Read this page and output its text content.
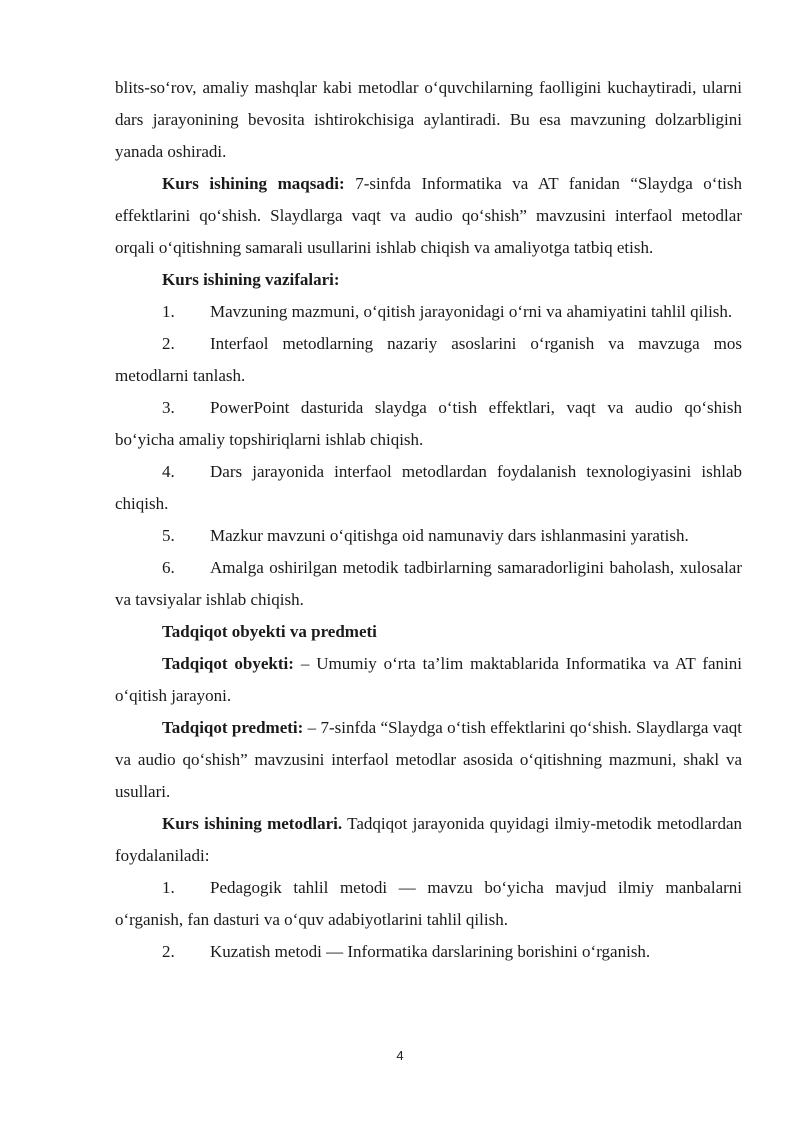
blits-so‘rov, amaliy mashqlar kabi metodlar o‘quvchilarning faolligini kuchaytiradi, ularni dars jarayonining bevosita ishtirokchisiga aylantiradi. Bu esa mavzuning dolzarbligini yanada oshiradi.

Kurs ishining maqsadi: 7-sinfda Informatika va AT fanidan “Slaydga o‘tish effektlarini qo‘shish. Slaydlarga vaqt va audio qo‘shish” mavzusini interfaol metodlar orqali o‘qitishning samarali usullarini ishlab chiqish va amaliyotga tatbiq etish.

Kurs ishining vazifalari:

1. Mavzuning mazmuni, o‘qitish jarayonidagi o‘rni va ahamiyatini tahlil qilish.

2. Interfaol metodlarning nazariy asoslarini o‘rganish va mavzuga mos metodlarni tanlash.

3. PowerPoint dasturida slaydga o‘tish effektlari, vaqt va audio qo‘shish bo‘yicha amaliy topshiriqlarni ishlab chiqish.

4. Dars jarayonida interfaol metodlardan foydalanish texnologiyasini ishlab chiqish.

5. Mazkur mavzuni o‘qitishga oid namunaviy dars ishlanmasini yaratish.

6. Amalga oshirilgan metodik tadbirlarning samaradorligini baholash, xulosalar va tavsiyalar ishlab chiqish.

Tadqiqot obyekti va predmeti

Tadqiqot obyekti: – Umumiy o‘rta ta’lim maktablarida Informatika va AT fanini o‘qitish jarayoni.

Tadqiqot predmeti: – 7-sinfda “Slaydga o‘tish effektlarini qo‘shish. Slaydlarga vaqt va audio qo‘shish” mavzusini interfaol metodlar asosida o‘qitishning mazmuni, shakl va usullari.

Kurs ishining metodlari. Tadqiqot jarayonida quyidagi ilmiy-metodik metodlardan foydalaniladi:

1. Pedagogik tahlil metodi — mavzu bo‘yicha mavjud ilmiy manbalarni o‘rganish, fan dasturi va o‘quv adabiyotlarini tahlil qilish.

2. Kuzatish metodi — Informatika darslarining borishini o‘rganish.

4
